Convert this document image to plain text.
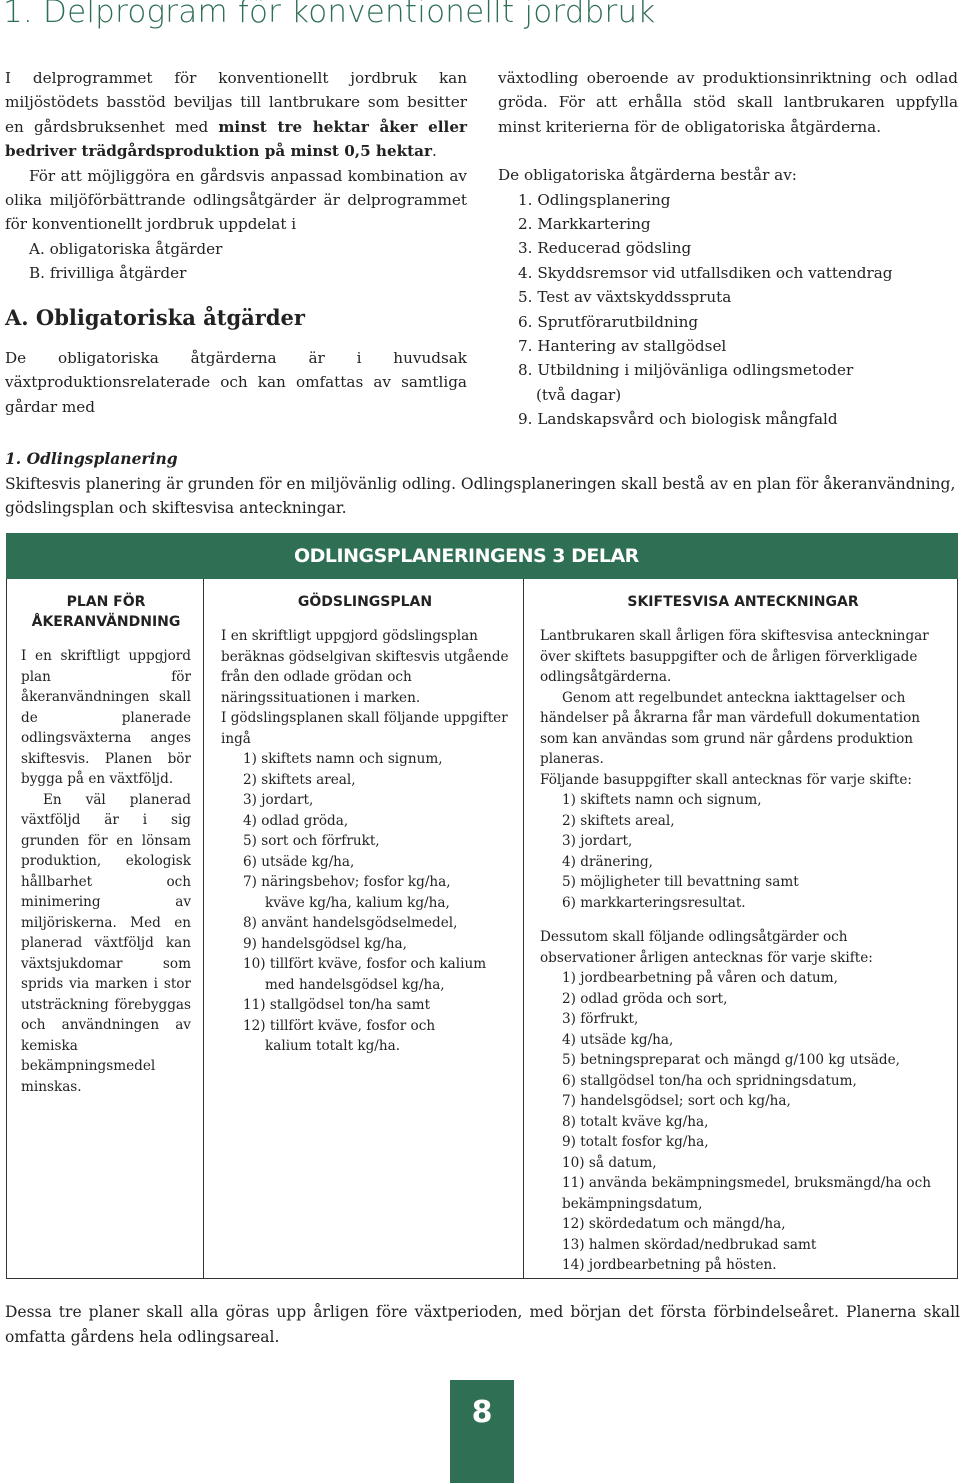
1. Delprogram för konventionellt jordbruk

I delprogrammet för konventionellt jordbruk kan miljöstödets basstöd beviljas till lantbrukare som besitter en gårdsbruksenhet med minst tre hektar åker eller bedriver trädgårdsproduktion på minst 0,5 hektar.

För att möjliggöra en gårdsvis anpassad kombination av olika miljöförbättrande odlingsåtgärder är delprogrammet för konventionellt jordbruk uppdelat i

A. obligatoriska åtgärder
B. frivilliga åtgärder

A. Obligatoriska åtgärder

De obligatoriska åtgärderna är i huvudsak växtproduktionsrelaterade och kan omfattas av samtliga gårdar med

växtodling oberoende av produktionsinriktning och odlad gröda. För att erhålla stöd skall lantbrukaren uppfylla minst kriterierna för de obligatoriska åtgärderna.

De obligatoriska åtgärderna består av:

1. Odlingsplanering
2. Markkartering
3. Reducerad gödsling
4. Skyddsremsor vid utfallsdiken och vattendrag
5. Test av växtskyddsspruta
6. Sprutförarutbildning
7. Hantering av stallgödsel
8. Utbildning i miljövänliga odlingsmetoder
(två dagar)
9. Landskapsvård och biologisk mångfald
1. Odlingsplanering
Skiftesvis planering är grunden för en miljövänlig odling. Odlingsplaneringen skall bestå av en plan för åkeranvändning, gödslingsplan och skiftesvisa anteckningar.
ODLINGSPLANERINGENS 3 DELAR

PLAN FÖR ÅKERANVÄNDNING

I en skriftligt uppgjord plan för åkeranvändningen skall de planerade odlingsväxterna anges skiftesvis. Planen bör bygga på en växtföljd.

En väl planerad växtföljd är i sig grunden för en lönsam produktion, ekologisk hållbarhet och minimering av miljöriskerna. Med en planerad växtföljd kan växtsjukdomar som sprids via marken i stor utsträckning förebyggas och användningen av kemiska bekämpningsmedel minskas.

GÖDSLINGSPLAN

I en skriftligt uppgjord gödslingsplan beräknas gödselgivan skiftesvis utgående från den odlade grödan och näringssituationen i marken.

I gödslingsplanen skall följande uppgifter ingå

1) skiftets namn och signum,
2) skiftets areal,
3) jordart,
4) odlad gröda,
5) sort och förfrukt,
6) utsäde kg/ha,
7) näringsbehov; fosfor kg/ha,
kväve kg/ha, kalium kg/ha,
8) använt handelsgödselmedel,
9) handelsgödsel kg/ha,
10) tillfört kväve, fosfor och kalium
med handelsgödsel kg/ha,
11) stallgödsel ton/ha samt
12) tillfört kväve, fosfor och
kalium totalt kg/ha.

SKIFTESVISA ANTECKNINGAR

Lantbrukaren skall årligen föra skiftesvisa anteckningar över skiftets basuppgifter och de årligen förverkligade odlingsåtgärderna.

Genom att regelbundet anteckna iakttagelser och händelser på åkrarna får man värdefull dokumentation som kan användas som grund när gårdens produktion planeras.

Följande basuppgifter skall antecknas för varje skifte:

1) skiftets namn och signum,
2) skiftets areal,
3) jordart,
4) dränering,
5) möjligheter till bevattning samt
6) markkarteringsresultat.

Dessutom skall följande odlingsåtgärder och observationer årligen antecknas för varje skifte:

1) jordbearbetning på våren och datum,
2) odlad gröda och sort,
3) förfrukt,
4) utsäde kg/ha,
5) betningspreparat och mängd g/100 kg utsäde,
6) stallgödsel ton/ha och spridningsdatum,
7) handelsgödsel; sort och kg/ha,
8) totalt kväve kg/ha,
9) totalt fosfor kg/ha,
10) så datum,
11) använda bekämpningsmedel, bruksmängd/ha och bekämpningsdatum,
12) skördedatum och mängd/ha,
13) halmen skördad/nedbrukad samt
14) jordbearbetning på hösten.
Dessa tre planer skall alla göras upp årligen före växtperioden, med början det första förbindelseåret. Planerna skall omfatta gårdens hela odlingsareal.
8
